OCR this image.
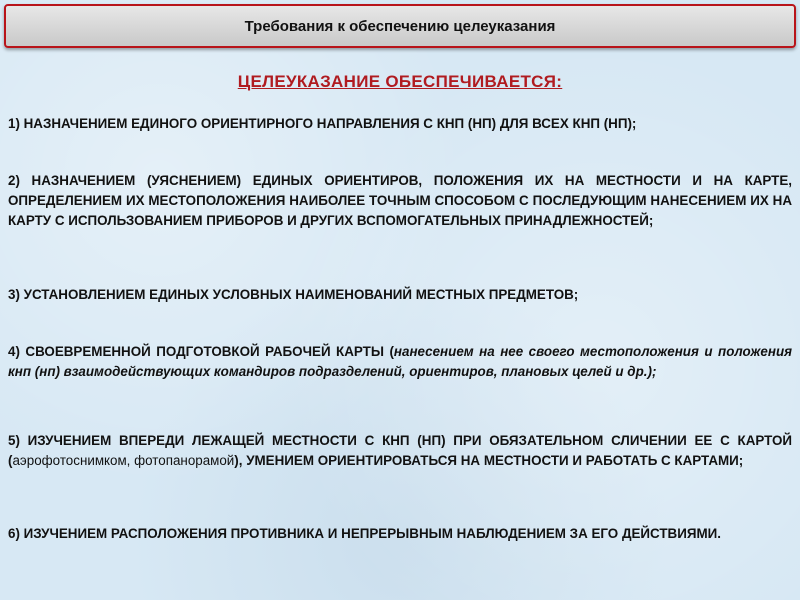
Требования к обеспечению целеуказания
ЦЕЛЕУКАЗАНИЕ ОБЕСПЕЧИВАЕТСЯ:
1) НАЗНАЧЕНИЕМ ЕДИНОГО ОРИЕНТИРНОГО НАПРАВЛЕНИЯ С КНП (НП) ДЛЯ ВСЕХ КНП (НП);
2) НАЗНАЧЕНИЕМ (УЯСНЕНИЕМ) ЕДИНЫХ ОРИЕНТИРОВ, ПОЛОЖЕНИЯ ИХ НА МЕСТНОСТИ И НА КАРТЕ, ОПРЕДЕЛЕНИЕМ ИХ МЕСТОПОЛОЖЕНИЯ НАИБОЛЕЕ ТОЧНЫМ СПОСОБОМ С ПОСЛЕДУЮЩИМ НАНЕСЕНИЕМ ИХ НА КАРТУ С ИСПОЛЬЗОВАНИЕМ ПРИБОРОВ И ДРУГИХ ВСПОМОГАТЕЛЬНЫХ ПРИНАДЛЕЖНОСТЕЙ;
3) УСТАНОВЛЕНИЕМ ЕДИНЫХ УСЛОВНЫХ НАИМЕНОВАНИЙ МЕСТНЫХ ПРЕДМЕТОВ;
4) СВОЕВРЕМЕННОЙ ПОДГОТОВКОЙ РАБОЧЕЙ КАРТЫ (нанесением на нее своего местоположения и положения кнп (нп) взаимодействующих командиров подразделений, ориентиров, плановых целей и др.);
5) ИЗУЧЕНИЕМ ВПЕРЕДИ ЛЕЖАЩЕЙ МЕСТНОСТИ С КНП (НП) ПРИ ОБЯЗАТЕЛЬНОМ СЛИЧЕНИИ ЕЕ С КАРТОЙ (аэрофотоснимком, фотопанорамой), УМЕНИЕМ ОРИЕНТИРОВАТЬСЯ НА МЕСТНОСТИ И РАБОТАТЬ С КАРТАМИ;
6) ИЗУЧЕНИЕМ РАСПОЛОЖЕНИЯ ПРОТИВНИКА И НЕПРЕРЫВНЫМ НАБЛЮДЕНИЕМ ЗА ЕГО ДЕЙСТВИЯМИ.
